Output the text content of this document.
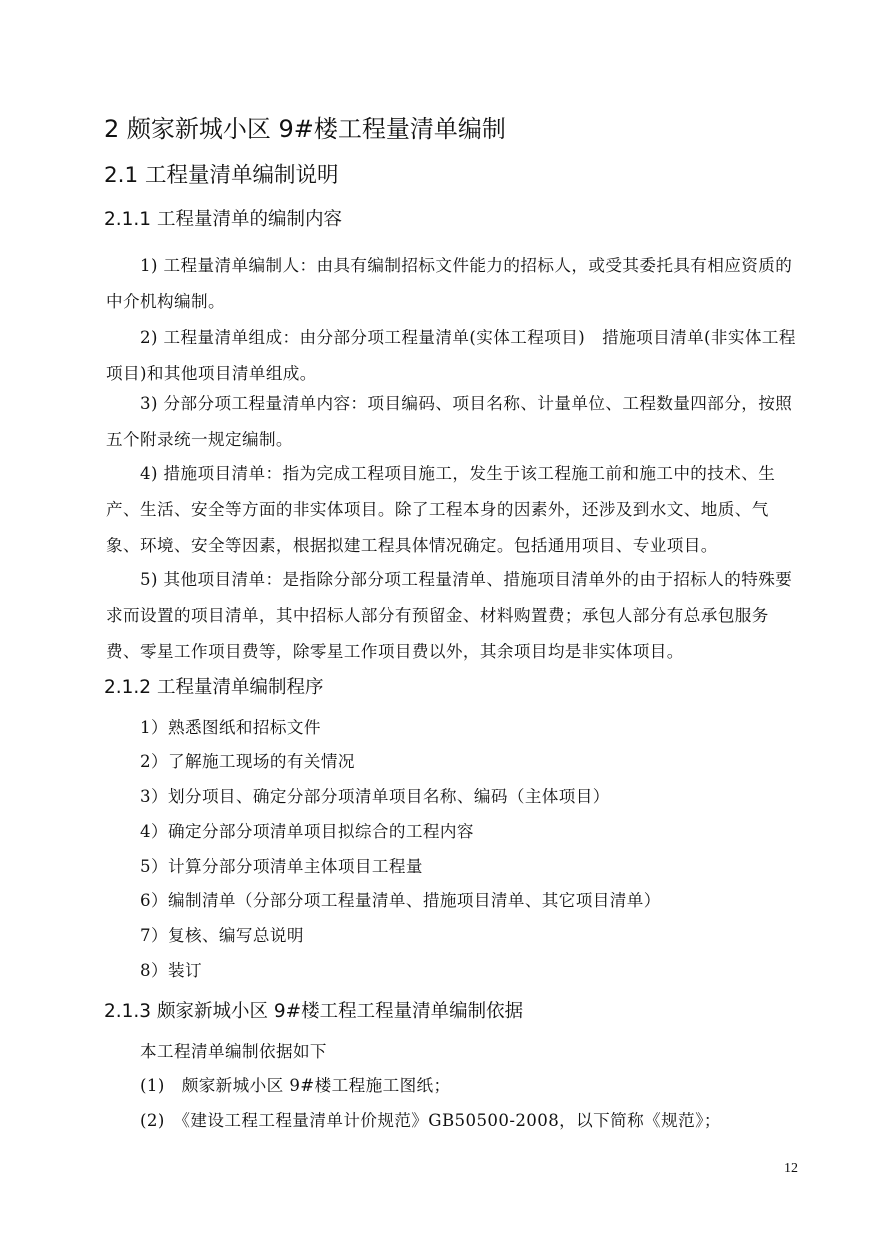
2 颇家新城小区 9#楼工程量清单编制
2.1 工程量清单编制说明
2.1.1 工程量清单的编制内容
1) 工程量清单编制人：由具有编制招标文件能力的招标人，或受其委托具有相应资质的中介机构编制。
2) 工程量清单组成：由分部分项工程量清单(实体工程项目)　措施项目清单(非实体工程项目)和其他项目清单组成。
3) 分部分项工程量清单内容：项目编码、项目名称、计量单位、工程数量四部分，按照五个附录统一规定编制。
4) 措施项目清单：指为完成工程项目施工，发生于该工程施工前和施工中的技术、生产、生活、安全等方面的非实体项目。除了工程本身的因素外，还涉及到水文、地质、气象、环境、安全等因素，根据拟建工程具体情况确定。包括通用项目、专业项目。
5) 其他项目清单：是指除分部分项工程量清单、措施项目清单外的由于招标人的特殊要求而设置的项目清单，其中招标人部分有预留金、材料购置费；承包人部分有总承包服务费、零星工作项目费等，除零星工作项目费以外，其余项目均是非实体项目。
2.1.2 工程量清单编制程序
1）熟悉图纸和招标文件
2）了解施工现场的有关情况
3）划分项目、确定分部分项清单项目名称、编码（主体项目）
4）确定分部分项清单项目拟综合的工程内容
5）计算分部分项清单主体项目工程量
6）编制清单（分部分项工程量清单、措施项目清单、其它项目清单）
7）复核、编写总说明
8）装订
2.1.3 颇家新城小区 9#楼工程工程量清单编制依据
本工程清单编制依据如下
(1)　颇家新城小区 9#楼工程施工图纸；
(2)　《建设工程工程量清单计价规范》GB50500-2008，以下简称《规范》；
12
